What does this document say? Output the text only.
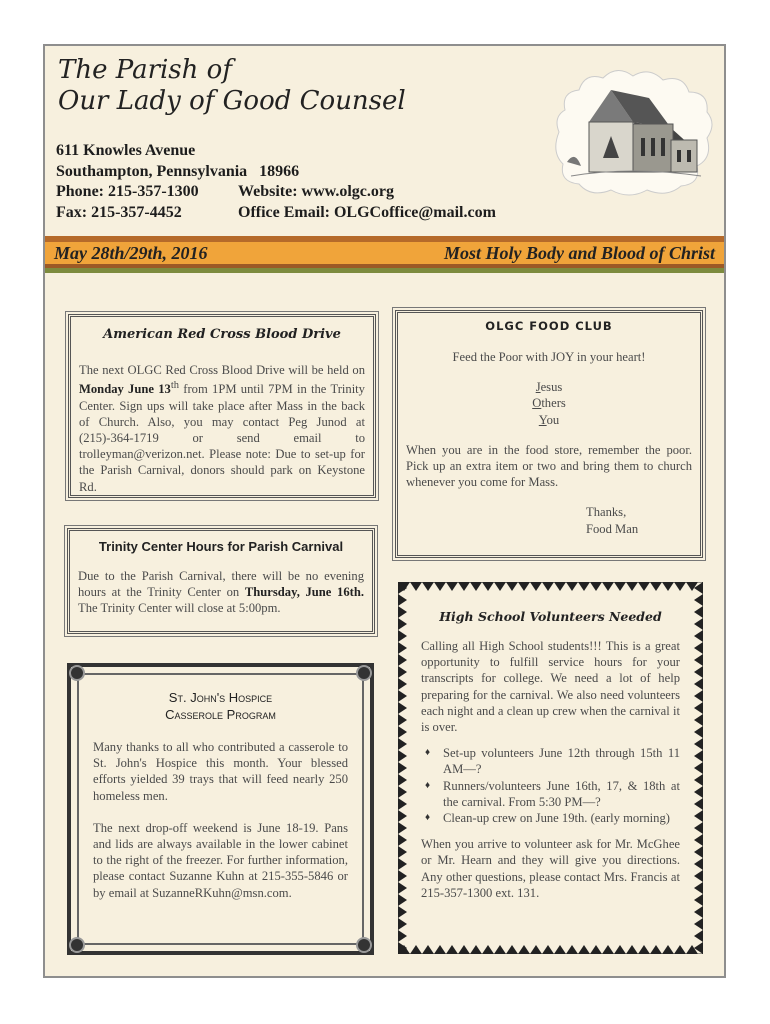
The Parish of
Our Lady of Good Counsel
611 Knowles Avenue
Southampton, Pennsylvania   18966
Phone: 215-357-1300 Website: www.olgc.org
Fax: 215-357-4452	Office Email: OLGCoffice@mail.com
May 28th/29th, 2016	Most Holy Body and Blood of Christ
American Red Cross Blood Drive
The next OLGC Red Cross Blood Drive will be held on Monday June 13th from 1PM until 7PM in the Trinity Center. Sign ups will take place after Mass in the back of Church. Also, you may contact Peg Junod at (215)-364-1719 or send email to trolleyman@verizon.net. Please note: Due to set-up for the Parish Carnival, donors should park on Keystone Rd.
Trinity Center Hours for Parish Carnival
Due to the Parish Carnival, there will be no evening hours at the Trinity Center on Thursday, June 16th. The Trinity Center will close at 5:00pm.
OLGC FOOD CLUB
Feed the Poor with JOY in your heart!
Jesus
Others
You
When you are in the food store, remember the poor. Pick up an extra item or two and bring them to church whenever you come for Mass.
Thanks,
Food Man
St. John's Hospice
Casserole Program
Many thanks to all who contributed a casserole to St. John's Hospice this month. Your blessed efforts yielded 39 trays that will feed nearly 250 homeless men.
The next drop-off weekend is June 18-19. Pans and lids are always available in the lower cabinet to the right of the freezer. For further information, please contact Suzanne Kuhn at 215-355-5846 or by email at SuzanneRKuhn@msn.com.
High School Volunteers Needed
Calling all High School students!!! This is a great opportunity to fulfill service hours for your transcripts for college. We need a lot of help preparing for the carnival. We also need volunteers each night and a clean up crew when the carnival it is over.
♦ Set-up volunteers June 12th through 15th 11 AM—?
♦ Runners/volunteers June 16th, 17, & 18th at the carnival. From 5:30 PM—?
♦ Clean-up crew on June 19th. (early morning)
When you arrive to volunteer ask for Mr. McGhee or Mr. Hearn and they will give you directions. Any other questions, please contact Mrs. Francis at 215-357-1300 ext. 131.
